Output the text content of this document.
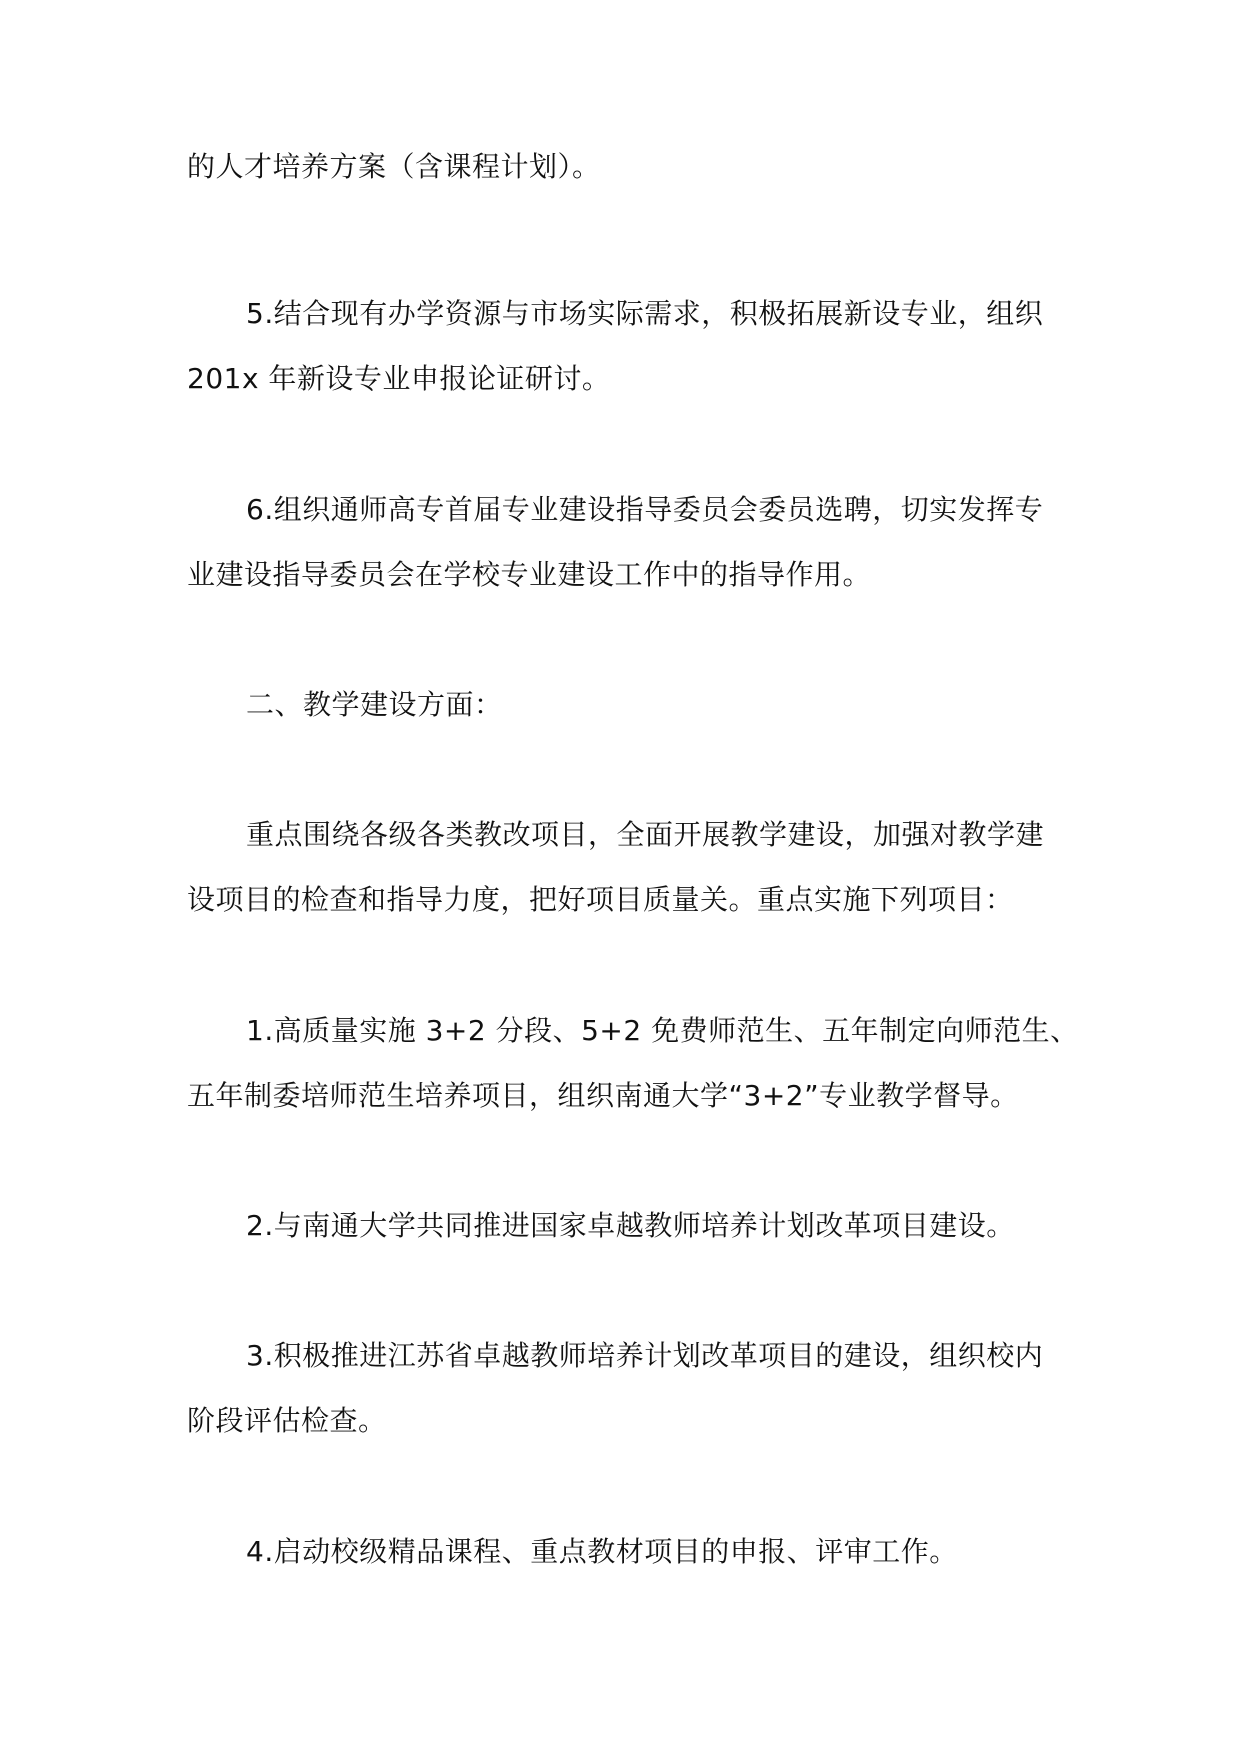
的人才培养方案（含课程计划）。
5.结合现有办学资源与市场实际需求，积极拓展新设专业，组织
201x 年新设专业申报论证研讨。
6.组织通师高专首届专业建设指导委员会委员选聘，切实发挥专
业建设指导委员会在学校专业建设工作中的指导作用。
二、教学建设方面：
重点围绕各级各类教改项目，全面开展教学建设，加强对教学建
设项目的检查和指导力度，把好项目质量关。重点实施下列项目：
1.高质量实施 3+2 分段、5+2 免费师范生、五年制定向师范生、
五年制委培师范生培养项目，组织南通大学“3+2”专业教学督导。
2.与南通大学共同推进国家卓越教师培养计划改革项目建设。
3.积极推进江苏省卓越教师培养计划改革项目的建设，组织校内
阶段评估检查。
4.启动校级精品课程、重点教材项目的申报、评审工作。
